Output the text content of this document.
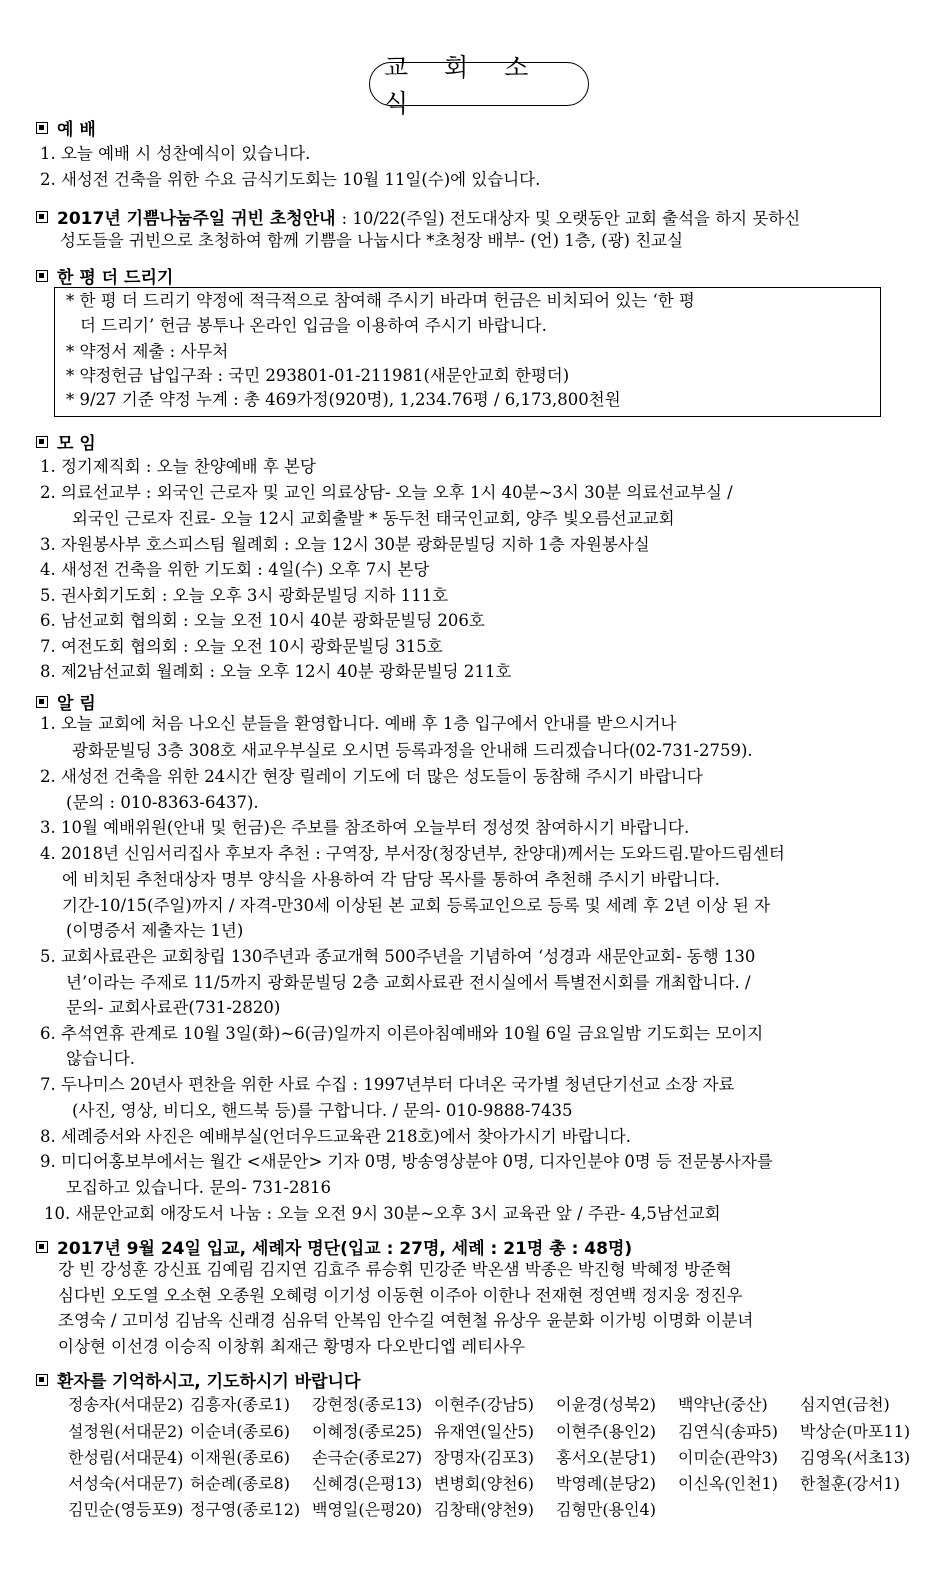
교 회 소 식
예 배
1. 오늘 예배 시 성찬예식이 있습니다.
2. 새성전 건축을 위한 수요 금식기도회는 10월 11일(수)에 있습니다.
2017년 기쁨나눔주일 귀빈 초청안내 : 10/22(주일) 전도대상자 및 오랫동안 교회 출석을 하지 못하신
성도들을 귀빈으로 초청하여 함께 기쁨을 나눕시다 *초청장 배부- (언) 1층, (광) 친교실
한 평 더 드리기
* 한 평 더 드리기 약정에 적극적으로 참여해 주시기 바라며 헌금은 비치되어 있는 ‘한 평
더 드리기’ 헌금 봉투나 온라인 입금을 이용하여 주시기 바랍니다.
* 약정서 제출 : 사무처
* 약정헌금 납입구좌 : 국민 293801-01-211981(새문안교회 한평더)
* 9/27 기준 약정 누계 : 총 469가정(920명), 1,234.76평 / 6,173,800천원
모 임
1. 정기제직회 : 오늘 찬양예배 후 본당
2. 의료선교부 : 외국인 근로자 및 교인 의료상담- 오늘 오후 1시 40분~3시 30분 의료선교부실 /
외국인 근로자 진료- 오늘 12시 교회출발 * 동두천 태국인교회, 양주 빛오름선교교회
3. 자원봉사부 호스피스팀 월례회 : 오늘 12시 30분 광화문빌딩 지하 1층 자원봉사실
4. 새성전 건축을 위한 기도회 : 4일(수) 오후 7시 본당
5. 권사회기도회 : 오늘 오후 3시 광화문빌딩 지하 111호
6. 남선교회 협의회 : 오늘 오전 10시 40분 광화문빌딩 206호
7. 여전도회 협의회 : 오늘 오전 10시 광화문빌딩 315호
8. 제2남선교회 월례회 : 오늘 오후 12시 40분 광화문빌딩 211호
알 림
1. 오늘 교회에 처음 나오신 분들을 환영합니다. 예배 후 1층 입구에서 안내를 받으시거나
광화문빌딩 3층 308호 새교우부실로 오시면 등록과정을 안내해 드리겠습니다(02-731-2759).
2. 새성전 건축을 위한 24시간 현장 릴레이 기도에 더 많은 성도들이 동참해 주시기 바랍니다
(문의 : 010-8363-6437).
3. 10월 예배위원(안내 및 헌금)은 주보를 참조하여 오늘부터 정성껏 참여하시기 바랍니다.
4. 2018년 신임서리집사 후보자 추천 : 구역장, 부서장(청장년부, 찬양대)께서는 도와드림.맡아드림센터
에 비치된 추천대상자 명부 양식을 사용하여 각 담당 목사를 통하여 추천해 주시기 바랍니다.
기간-10/15(주일)까지 / 자격-만30세 이상된 본 교회 등록교인으로 등록 및 세례 후 2년 이상 된 자
(이명증서 제출자는 1년)
5. 교회사료관은 교회창립 130주년과 종교개혁 500주년을 기념하여 ‘성경과 새문안교회- 동행 130
년’이라는 주제로 11/5까지 광화문빌딩 2층 교회사료관 전시실에서 특별전시회를 개최합니다. /
문의- 교회사료관(731-2820)
6. 추석연휴 관계로 10월 3일(화)~6(금)일까지 이른아침예배와 10월 6일 금요일밤 기도회는 모이지
않습니다.
7. 두나미스 20년사 편찬을 위한 사료 수집 : 1997년부터 다녀온 국가별 청년단기선교 소장 자료
(사진, 영상, 비디오, 핸드북 등)를 구합니다. / 문의- 010-9888-7435
8. 세례증서와 사진은 예배부실(언더우드교육관 218호)에서 찾아가시기 바랍니다.
9. 미디어홍보부에서는 월간 <새문안> 기자 0명, 방송영상분야 0명, 디자인분야 0명 등 전문봉사자를
모집하고 있습니다. 문의- 731-2816
10. 새문안교회 애장도서 나눔 : 오늘 오전 9시 30분~오후 3시 교육관 앞 / 주관- 4,5남선교회
2017년 9월 24일 입교, 세례자 명단(입교 : 27명, 세례 : 21명 총 : 48명)
강 빈 강성훈 강신표 김예림 김지연 김효주 류승휘 민강준 박온샘 박종은 박진형 박혜정 방준혁
심다빈 오도열 오소현 오종원 오혜령 이기성 이동현 이주아 이한나 전재현 정연백 정지웅 정진우
조영숙 / 고미성 김남옥 신래경 심유덕 안복임 안수길 여현철 유상우 윤분화 이가빙 이명화 이분녀
이상현 이선경 이승직 이창휘 최재근 황명자 다오반디엡 레티사우
환자를 기억하시고, 기도하시기 바랍니다
정송자(서대문2) 김흥자(종로1) 강현정(종로13) 이현주(강남5) 이윤경(성북2) 백약난(중산) 심지연(금천)
설정원(서대문2) 이순녀(종로6) 이혜정(종로25) 유재연(일산5) 이현주(용인2) 김연식(송파5) 박상순(마포11)
한성림(서대문4) 이재원(종로6) 손극순(종로27) 장명자(김포3) 홍서오(분당1) 이미순(관악3) 김영옥(서초13)
서성숙(서대문7) 허순례(종로8) 신혜경(은평13) 변병회(양천6) 박영례(분당2) 이신옥(인천1) 한철훈(강서1)
김민순(영등포9) 정구영(종로12) 백영일(은평20) 김창태(양천9) 김형만(용인4)
